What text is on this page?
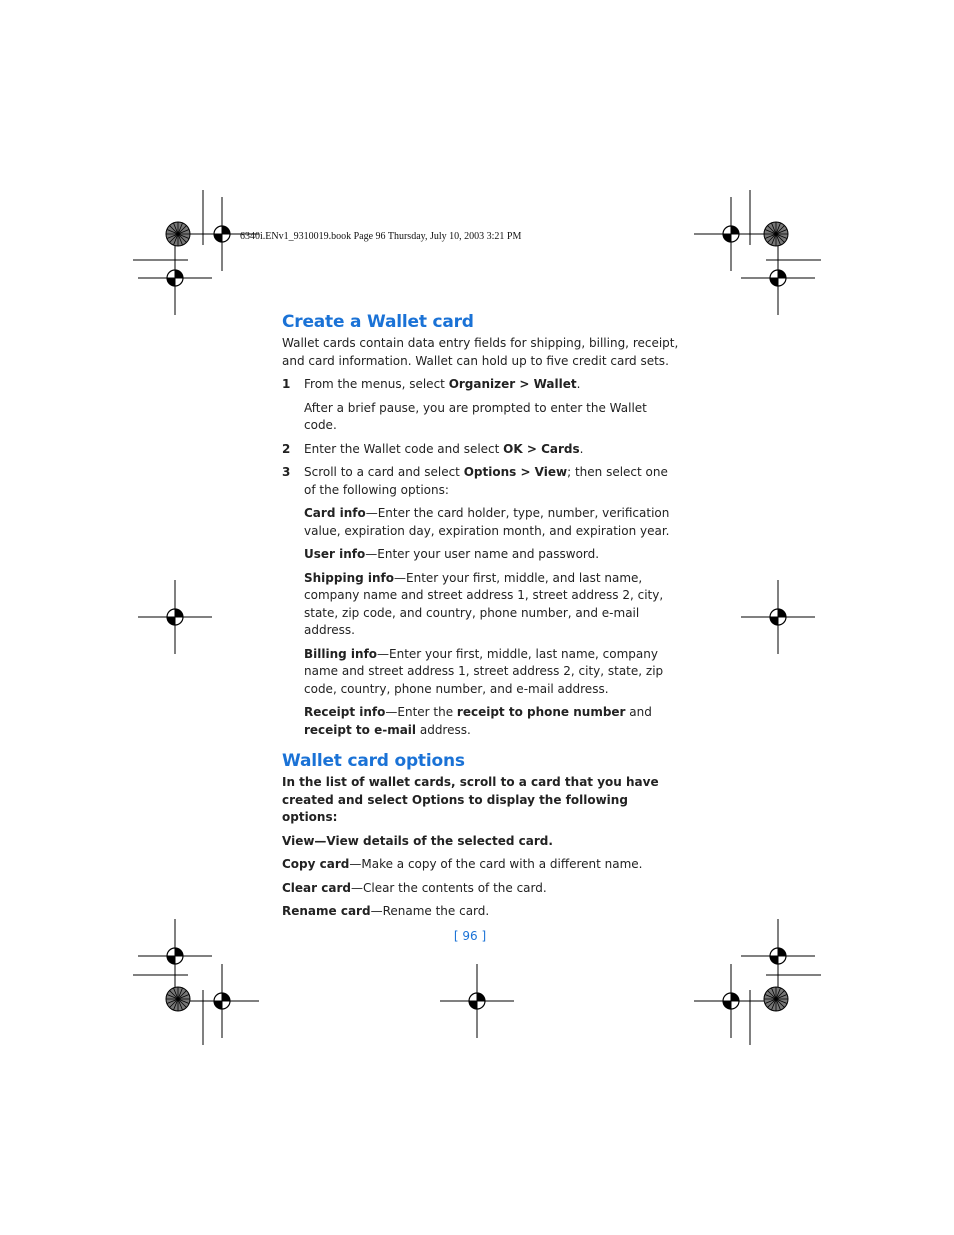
6340i.ENv1_9310019.book Page 96 Thursday, July 10, 2003 3:21 PM
Create a Wallet card

Wallet cards contain data entry fields for shipping, billing, receipt, and card information. Wallet can hold up to five credit card sets.

1 From the menus, select Organizer > Wallet.
After a brief pause, you are prompted to enter the Wallet code.
2 Enter the Wallet code and select OK > Cards.
3 Scroll to a card and select Options > View; then select one of the following options:
Card info—Enter the card holder, type, number, verification value, expiration day, expiration month, and expiration year.
User info—Enter your user name and password.
Shipping info—Enter your first, middle, and last name, company name and street address 1, street address 2, city, state, zip code, and country, phone number, and e-mail address.
Billing info—Enter your first, middle, last name, company name and street address 1, street address 2, city, state, zip code, country, phone number, and e-mail address.
Receipt info—Enter the receipt to phone number and receipt to e-mail address.
Wallet card options

In the list of wallet cards, scroll to a card that you have created and select Options to display the following options:

View—View details of the selected card.

Copy card—Make a copy of the card with a different name.

Clear card—Clear the contents of the card.

Rename card—Rename the card.

[ 96 ]
